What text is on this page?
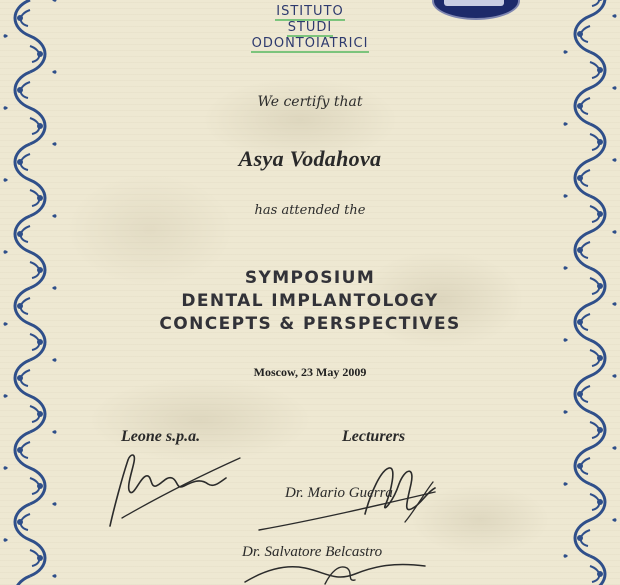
ISTITUTO
STUDI
ODONTOIATRICI
We certify that
Asya Vodahova
has attended the
SYMPOSIUM
DENTAL IMPLANTOLOGY
CONCEPTS & PERSPECTIVES
Moscow, 23 May 2009
Leone s.p.a.	Lecturers
Dr. Mario Guerra
Dr. Salvatore Belcastro
